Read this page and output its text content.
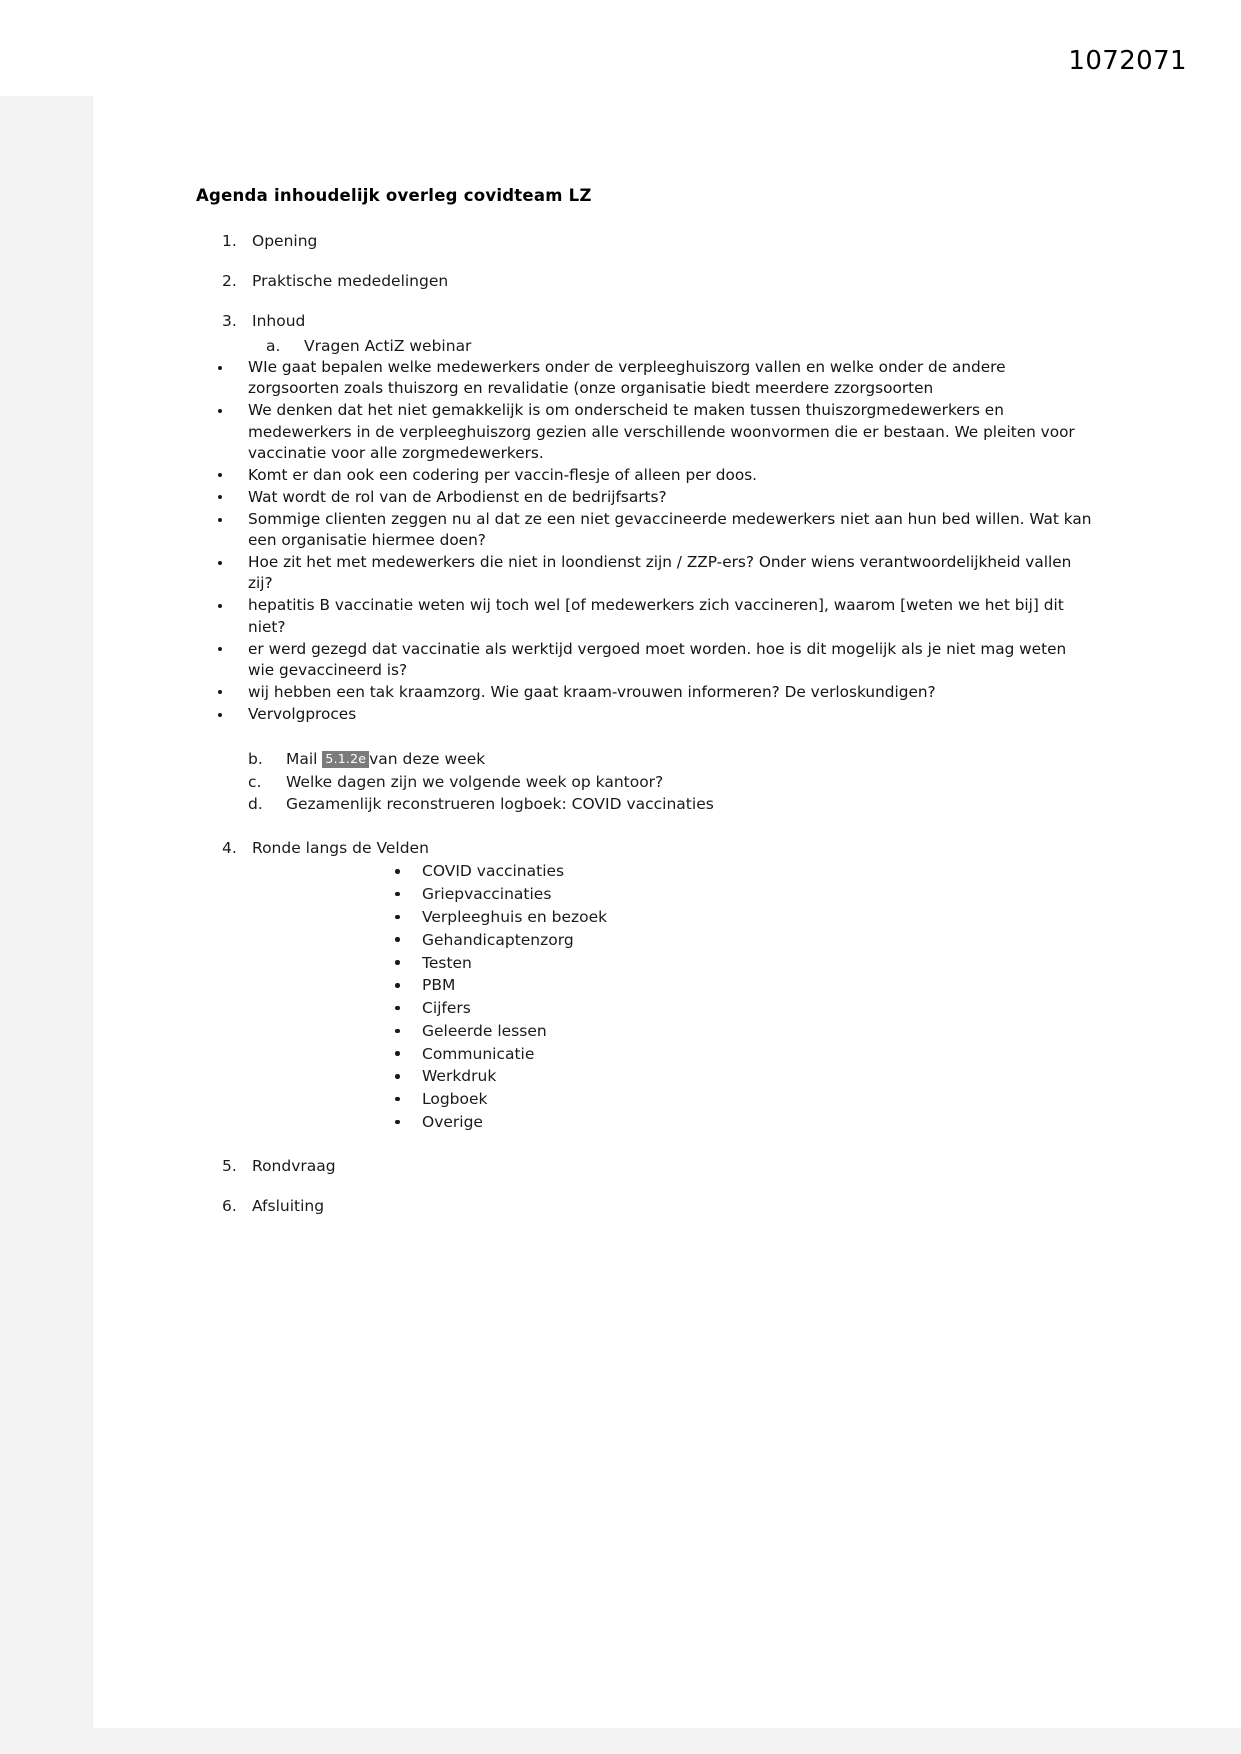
1072071
Agenda inhoudelijk overleg covidteam LZ
1. Opening
2. Praktische mededelingen
3. Inhoud
a.	Vragen ActiZ webinar
WIe gaat bepalen welke medewerkers onder de verpleeghuiszorg vallen en welke onder de andere zorgsoorten zoals thuiszorg en revalidatie (onze organisatie biedt meerdere zzorgsoorten
We denken dat het niet gemakkelijk is om onderscheid te maken tussen thuiszorgmedewerkers en medewerkers in de verpleeghuiszorg gezien alle verschillende woonvormen die er bestaan. We pleiten voor vaccinatie voor alle zorgmedewerkers.
Komt er dan ook een codering per vaccin-flesje of alleen per doos.
Wat wordt de rol van de Arbodienst en de bedrijfsarts?
Sommige clienten zeggen nu al dat ze een niet gevaccineerde medewerkers niet aan hun bed willen. Wat kan een organisatie hiermee doen?
Hoe zit het met medewerkers die niet in loondienst zijn / ZZP-ers? Onder wiens verantwoordelijkheid vallen zij?
hepatitis B vaccinatie weten wij toch wel [of medewerkers zich vaccineren], waarom [weten we het bij] dit niet?
er werd gezegd dat vaccinatie als werktijd vergoed moet worden. hoe is dit mogelijk als je niet mag weten wie gevaccineerd is?
wij hebben een tak kraamzorg. Wie gaat kraam-vrouwen informeren? De verloskundigen?
Vervolgproces
b.	Mail 5.1.2e van deze week
c.	Welke dagen zijn we volgende week op kantoor?
d.	Gezamenlijk reconstrueren logboek: COVID vaccinaties
4. Ronde langs de Velden
COVID vaccinaties
Griepvaccinaties
Verpleeghuis en bezoek
Gehandicaptenzorg
Testen
PBM
Cijfers
Geleerde lessen
Communicatie
Werkdruk
Logboek
Overige
5. Rondvraag
6. Afsluiting
